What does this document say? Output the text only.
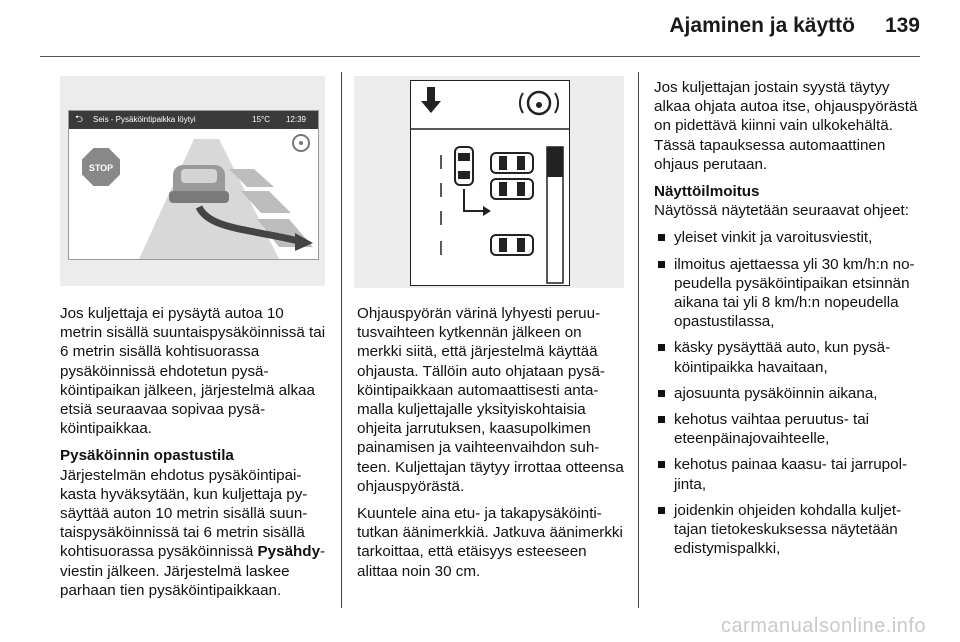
Ajaminen ja käyttö 139
⮌ Seis - Pysäköintipaikka löytyi	15°C 12:39
STOP

Jos kuljettaja ei pysäytä autoa 10 metrin sisällä suuntaispysäköinnissä tai 6 metrin sisällä kohtisuorassa pysäköinnissä ehdotetun pysäköintipaikan jälkeen, järjestelmä alkaa etsiä seuraavaa sopivaa pysäköintipaikkaa.

Pysäköinnin opastustila

Järjestelmän ehdotus pysäköintipaikasta hyväksytään, kun kuljettaja pysäyttää auton 10 metrin sisällä suuntaispysäköinnissä tai 6 metrin sisällä kohtisuorassa pysäköinnissä Pysähdy-viestin jälkeen. Järjestelmä laskee parhaan tien pysäköintipaikkaan.

Ohjauspyörän värinä lyhyesti peruutusvaihteen kytkennän jälkeen on merkki siitä, että järjestelmä käyttää ohjausta. Tällöin auto ohjataan pysäköintipaikkaan automaattisesti antamalla kuljettajalle yksityiskohtaisia ohjeita jarrutuksen, kaasupolkimen painamisen ja vaihteenvaihdon suhteen. Kuljettajan täytyy irrottaa otteensa ohjauspyörästä.

Kuuntele aina etu- ja takapysäköintitutkan äänimerkkiä. Jatkuva äänimerkki tarkoittaa, että etäisyys esteeseen alittaa noin 30 cm.

Jos kuljettajan jostain syystä täytyy alkaa ohjata autoa itse, ohjauspyörästä on pidettävä kiinni vain ulkokehältä. Tässä tapauksessa automaattinen ohjaus perutaan.

Näyttöilmoitus

Näytössä näytetään seuraavat ohjeet:

yleiset vinkit ja varoitusviestit,
ilmoitus ajettaessa yli 30 km/h:n nopeudella pysäköintipaikan etsinnän aikana tai yli 8 km/h:n nopeudella opastustilassa,
käsky pysäyttää auto, kun pysäköintipaikka havaitaan,
ajosuunta pysäköinnin aikana,
kehotus vaihtaa peruutus- tai eteenpäinajovaihteelle,
kehotus painaa kaasu- tai jarrupoljinta,
joidenkin ohjeiden kohdalla kuljettajan tietokeskuksessa näytetään edistymispalkki,
carmanualsonline.info
